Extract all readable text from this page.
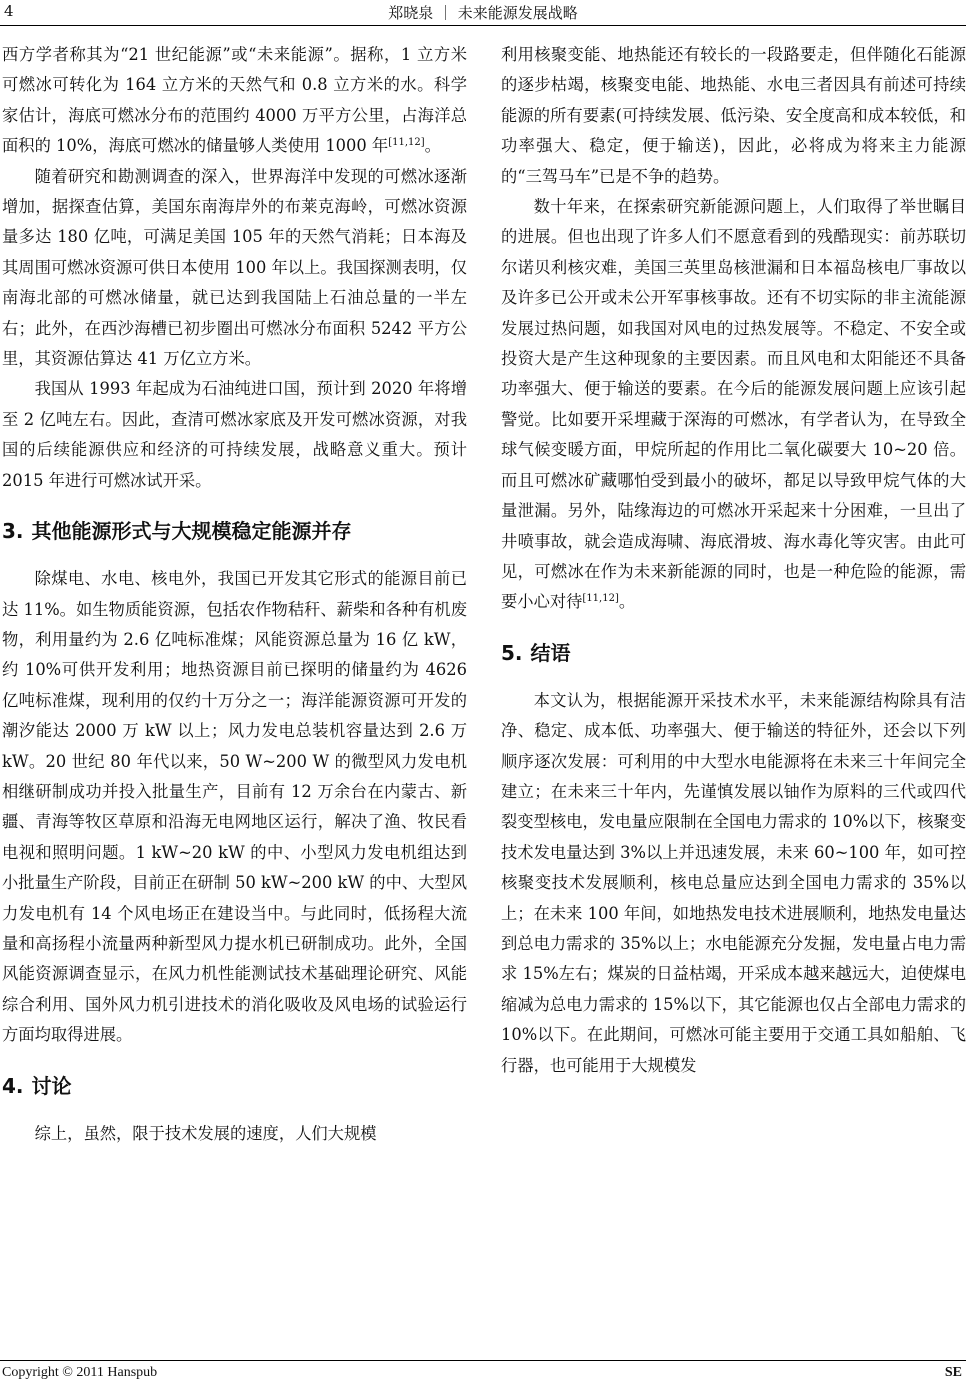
4	郑晓泉 ｜ 未来能源发展战略

西方学者称其为“21 世纪能源”或“未来能源”。据称，1 立方米可燃冰可转化为 164 立方米的天然气和 0.8 立方米的水。科学家估计，海底可燃冰分布的范围约 4000 万平方公里，占海洋总面积的 10%，海底可燃冰的储量够人类使用 1000 年[11,12]。

随着研究和勘测调查的深入，世界海洋中发现的可燃冰逐渐增加，据探查估算，美国东南海岸外的布莱克海岭，可燃冰资源量多达 180 亿吨，可满足美国 105 年的天然气消耗；日本海及其周围可燃冰资源可供日本使用 100 年以上。我国探测表明，仅南海北部的可燃冰储量，就已达到我国陆上石油总量的一半左右；此外，在西沙海槽已初步圈出可燃冰分布面积 5242 平方公里，其资源估算达 41 万亿立方米。

我国从 1993 年起成为石油纯进口国，预计到 2020 年将增至 2 亿吨左右。因此，查清可燃冰家底及开发可燃冰资源，对我国的后续能源供应和经济的可持续发展，战略意义重大。预计 2015 年进行可燃冰试开采。

3. 其他能源形式与大规模稳定能源并存

除煤电、水电、核电外，我国已开发其它形式的能源目前已达 11%。如生物质能资源，包括农作物秸秆、薪柴和各种有机废物，利用量约为 2.6 亿吨标准煤；风能资源总量为 16 亿 kW，约 10%可供开发利用；地热资源目前已探明的储量约为 4626 亿吨标准煤，现利用的仅约十万分之一；海洋能源资源可开发的潮汐能达 2000 万 kW 以上；风力发电总装机容量达到 2.6 万 kW。20 世纪 80 年代以来，50 W~200 W 的微型风力发电机相继研制成功并投入批量生产，目前有 12 万余台在内蒙古、新疆、青海等牧区草原和沿海无电网地区运行，解决了渔、牧民看电视和照明问题。1 kW~20 kW 的中、小型风力发电机组达到小批量生产阶段，目前正在研制 50 kW~200 kW 的中、大型风力发电机有 14 个风电场正在建设当中。与此同时，低扬程大流量和高扬程小流量两种新型风力提水机已研制成功。此外，全国风能资源调查显示，在风力机性能测试技术基础理论研究、风能综合利用、国外风力机引进技术的消化吸收及风电场的试验运行方面均取得进展。

4. 讨论

综上，虽然，限于技术发展的速度，人们大规模

利用核聚变能、地热能还有较长的一段路要走，但伴随化石能源的逐步枯竭，核聚变电能、地热能、水电三者因具有前述可持续能源的所有要素(可持续发展、低污染、安全度高和成本较低，和功率强大、稳定，便于输送)，因此，必将成为将来主力能源的“三驾马车”已是不争的趋势。

数十年来，在探索研究新能源问题上，人们取得了举世瞩目的进展。但也出现了许多人们不愿意看到的残酷现实：前苏联切尔诺贝利核灾难，美国三英里岛核泄漏和日本福岛核电厂事故以及许多已公开或未公开军事核事故。还有不切实际的非主流能源发展过热问题，如我国对风电的过热发展等。不稳定、不安全或投资大是产生这种现象的主要因素。而且风电和太阳能还不具备功率强大、便于输送的要素。在今后的能源发展问题上应该引起警觉。比如要开采埋藏于深海的可燃冰，有学者认为，在导致全球气候变暖方面，甲烷所起的作用比二氧化碳要大 10~20 倍。而且可燃冰矿藏哪怕受到最小的破坏，都足以导致甲烷气体的大量泄漏。另外，陆缘海边的可燃冰开采起来十分困难，一旦出了井喷事故，就会造成海啸、海底滑坡、海水毒化等灾害。由此可见，可燃冰在作为未来新能源的同时，也是一种危险的能源，需要小心对待[11,12]。

5. 结语

本文认为，根据能源开采技术水平，未来能源结构除具有洁净、稳定、成本低、功率强大、便于输送的特征外，还会以下列顺序逐次发展：可利用的中大型水电能源将在未来三十年间完全建立；在未来三十年内，先谨慎发展以铀作为原料的三代或四代裂变型核电，发电量应限制在全国电力需求的 10%以下，核聚变技术发电量达到 3%以上并迅速发展，未来 60~100 年，如可控核聚变技术发展顺利，核电总量应达到全国电力需求的 35%以上；在未来 100 年间，如地热发电技术进展顺利，地热发电量达到总电力需求的 35%以上；水电能源充分发掘，发电量占电力需求 15%左右；煤炭的日益枯竭，开采成本越来越远大，迫使煤电缩减为总电力需求的 15%以下，其它能源也仅占全部电力需求的 10%以下。在此期间，可燃冰可能主要用于交通工具如船舶、飞行器，也可能用于大规模发

Copyright © 2011 Hanspub	SE
